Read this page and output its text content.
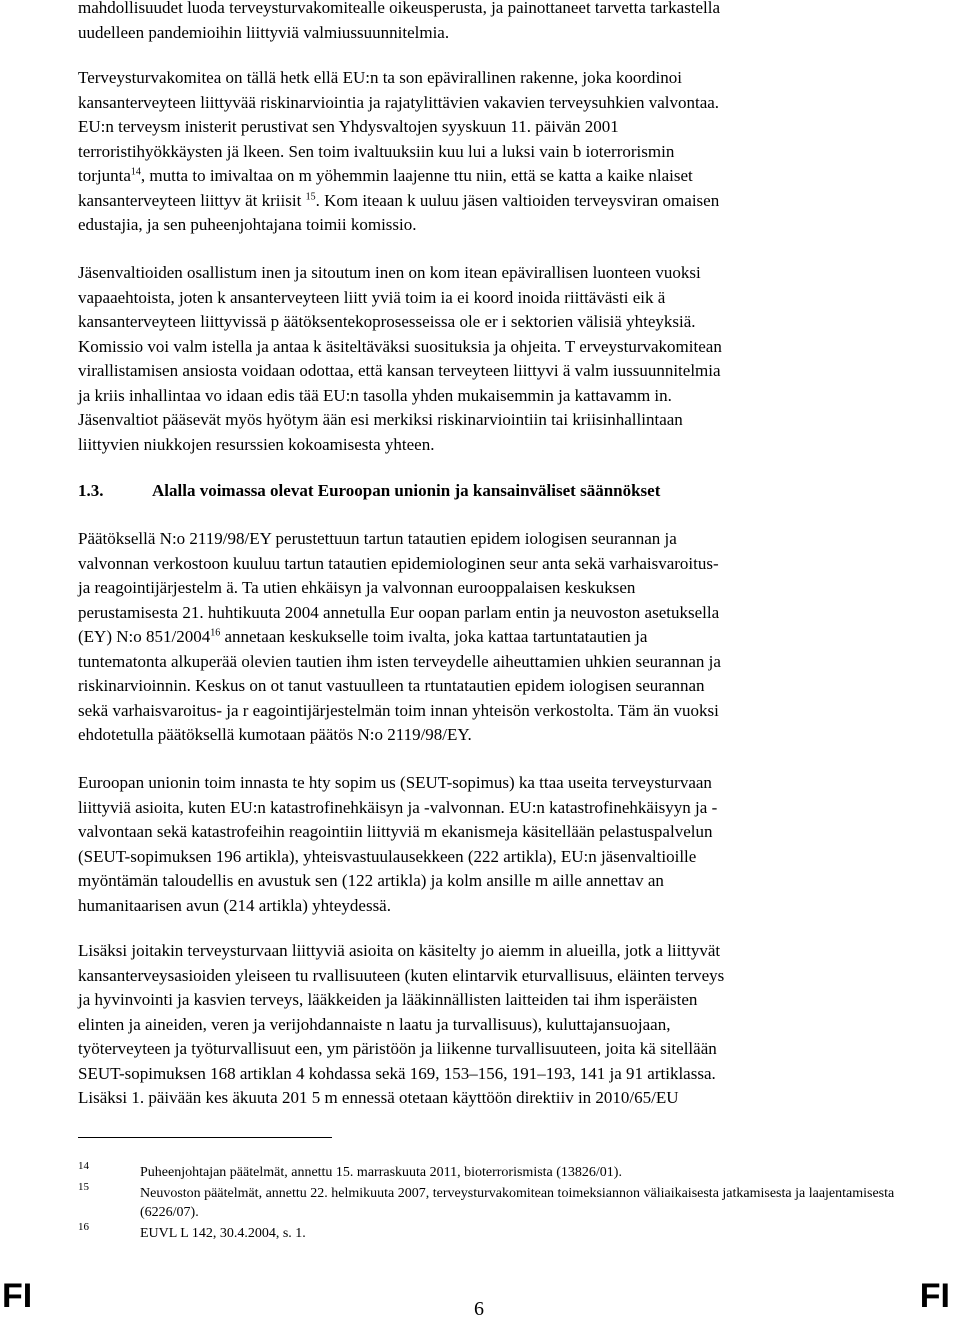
mahdollisuudet luoda terveysturvakomitealle oikeusperusta, ja painottaneet tarvetta tarkastella
uudelleen pandemioihin liittyviä valmiussuunnitelmia.

Terveysturvakomitea on tällä hetk ellä EU:n ta son epävirallinen rakenne, joka koordinoi
kansanterveyteen liittyvää riskinarviointia ja rajatylittävien vakavien terveysuhkien valvontaa.
EU:n terveysm inisterit perustivat sen Yhdysvaltojen syyskuun 11. päivän 2001
terroristihyökkäysten jä lkeen. Sen toim ivaltuuksiin kuu lui a luksi vain b ioterrorismin
torjunta$^{14}$, mutta to imivaltaa on m yöhemmin laajenne ttu niin, että se katta a kaike nlaiset
kansanterveyteen liittyv ät kriisit $^{15}$. Kom iteaan k uuluu jäsen valtioiden terveysviran omaisen
edustajia, ja sen puheenjohtajana toimii komissio.

Jäsenvaltioiden osallistum inen ja sitoutum inen on kom itean epävirallisen luonteen vuoksi
vapaaehtoista, joten k ansanterveyteen liitt yviä toim ia ei koord inoida riittävästi eik ä
kansanterveyteen liittyvissä p äätöksentekoprosesseissa ole er i sektorien välisiä yhteyksiä.
Komissio voi valm istella ja antaa k äsiteltäväksi suosituksia ja ohjeita. T erveysturvakomitean
virallistamisen ansiosta voidaan odottaa, että kansan terveyteen liittyvi ä valm iussuunnitelmia
ja kriis inhallintaa vo idaan edis tää EU:n tasolla yhden mukaisemmin ja kattavamm in.
Jäsenvaltiot pääsevät myös hyötym ään esi merkiksi riskinarviointiin tai kriisinhallintaan
liittyvien niukkojen resurssien kokoamisesta yhteen.

1.3.	Alalla voimassa olevat Euroopan unionin ja kansainväliset säännökset

Päätöksellä N:o 2119/98/EY perustettuun tartun tatautien epidem iologisen seurannan ja
valvonnan verkostoon kuuluu tartun tatautien epidemiologinen seur anta sekä varhaisvaroitus-
ja reagointijärjestelm ä. Ta utien ehkäisyn ja valvonnan eurooppalaisen keskuksen
perustamisesta 21. huhtikuuta 2004 annetulla Eur oopan parlam entin ja neuvoston asetuksella
(EY) N:o 851/2004$^{16}$ annetaan keskukselle toim ivalta, joka kattaa tartuntatautien ja
tuntematonta alkuperää olevien tautien ihm isten terveydelle aiheuttamien uhkien seurannan ja
riskinarvioinnin. Keskus on ot tanut vastuulleen ta rtuntatautien epidem iologisen seurannan
sekä varhaisvaroitus- ja r eagointijärjestelmän toim innan yhteisön verkostolta. Täm än vuoksi
ehdotetulla päätöksellä kumotaan päätös N:o 2119/98/EY.

Euroopan unionin toim innasta te hty sopim us (SEUT-sopimus) ka ttaa useita terveysturvaan
liittyviä asioita, kuten EU:n katastrofinehkäisyn ja -valvonnan. EU:n katastrofinehkäisyyn ja -
valvontaan sekä katastrofeihin reagointiin liittyviä m ekanismeja käsitellään pelastuspalvelun
(SEUT-sopimuksen 196 artikla), yhteisvastuulausekkeen (222 artikla), EU:n jäsenvaltioille
myöntämän taloudellis en avustuk sen (122 artikla) ja kolm ansille m aille annettav an
humanitaarisen avun (214 artikla) yhteydessä.

Lisäksi joitakin terveysturvaan liittyviä asioita on käsitelty jo aiemm in alueilla, jotk a liittyvät
kansanterveysasioiden yleiseen tu rvallisuuteen (kuten elintarvik eturvallisuus, eläinten terveys
ja hyvinvointi ja kasvien terveys, lääkkeiden ja lääkinnällisten laitteiden tai ihm isperäisten
elinten ja aineiden, veren ja verijohdannaiste n laatu ja turvallisuus), kuluttajansuojaan,
työterveyteen ja työturvallisuut een, ym päristöön ja liikenne turvallisuuteen, joita kä sitellään
SEUT-sopimuksen 168 artiklan 4 kohdassa sekä 169, 153–156, 191–193, 141 ja 91 artiklassa.
Lisäksi 1. päivään kes äkuuta 201 5 m ennessä otetaan käyttöön direktiiv in 2010/65/EU

14	Puheenjohtajan päätelmät, annettu 15. marraskuuta 2011, bioterrorismista (13826/01).
15	Neuvoston päätelmät, annettu 22. helmikuuta 2007, terveysturvakomitean toimeksiannon väliaikaisesta jatkamisesta ja laajentamisesta (6226/07).
16	EUVL L 142, 30.4.2004, s. 1.
FI	6	FI
